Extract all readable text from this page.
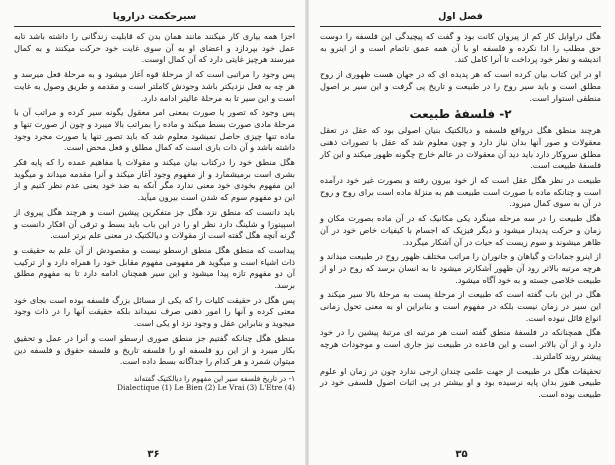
سیرحکمت دراروپا

اجزا همه بیاری کار میکنند مانند همان بدن که قابلیت زندگانی را داشته باشد تابه عمل خود بپردازد و اعضای او به آن سوی غایت خود حرکت میکنند و به کمال میرسند هرچیز غایتی دارد که آن کمال اوست.

پس وجود را مراتبی است که از مرحلهٔ قوه آغاز میشود و به مرحلهٔ فعل میرسد و هر چه به فعل نزدیکتر باشد وجودش کاملتر است و مقدمه و طریق وصول به غایت است و این سیر تا به مرحلهٔ عالیتر ادامه دارد.

پس وجود که تصور یا صورت بمعنی امر معقول یگونه سیر کرده و مراتب آن با مرحلهٔ مادی صورت بسط میکند و ماده را بمراتب بالا میبرد و چون از صورت تنها و ماده تنها چیزی حاصل نمیشود معلوم شد که باید تصور تنها یا صورت مجرد وجود داشته باشد و آن ذات باری است که کمال مطلق و فعل محض است.

هگل منطق خود را درکتاب بیان میکند و مقولات یا مفاهیم عمده را که پایه فکر بشری است برمیشمارد و از مفهوم وجود آغاز میکند و آنرا مقدمه میداند و میگوید این مفهوم بخودی خود معنی ندارد مگر آنکه به ضد خود یعنی عدم نظر کنیم و از این دو مفهوم سوم که شدن است بیرون میآید.

باید دانست که منطق نزد هگل جز متفکرین پیشین است و هرچند هگل پیروی از اسپینوزا و شلینگ دارد نظر او را در این باب باید بسط و ترقی آن افکار دانست و گرنه آنچه هگل گفته است از مقولات و دیالکتیک در معنی علم برتر است.

پیداست که منطق هگل منطق ارسطو نیست و مقصودش از آن علم به حقیقت و ذات اشیاء است و میگوید هر مفهومی مفهوم مقابل خود را همراه دارد و از ترکیب آن دو مفهوم تازه پیدا میشود و این سیر همچنان ادامه دارد تا به مفهوم مطلق برسد.

پس هگل در حقیقت کلیات را که یکی از مسائل بزرگ فلسفه بوده است بجای خود معنی کرده و آنها را امور ذهنی صرف نمیداند بلکه حقیقت آنها را در ذات وجود میجوید و بنابراین عقل و وجود نزد او یکی است.

منطق هگل چنانکه گفتیم جز منطق صوری ارسطو است و آنرا در عمل و تحقیق بکار میبرد و از این رو فلسفه او را فلسفه تاریخ و فلسفه حقوق و فلسفه دین میتوان شمرد و هر کدام را جداگانه بسط داده است.

۱- در تاریخ فلسفه سیر این مفهوم را دیالکتیک گفته‌اند

Dialectique (1) Le Bien (2) Le Vrai (3) L'Etre (4)

۳۶
فصل اول

هگل دراوایل کار کم از پیروان کانت بود و گفت که پیچیدگی این فلسفه را دوست حق مطلب را ادا نکرده و فلسفه او با آن همه عمق ناتمام است و از اینرو به اندیشه و نظر خود پرداخت تا آنرا کامل کند.

او در این کتاب بیان کرده است که هر پدیده ای که در جهان هست ظهوری از روح مطلق است و باید سیر روح را در طبیعت و تاریخ پی گرفت و این سیر بر اصول منطقی استوار است.

۲- فلسفهٔ طبیعت

هرچند منطق هگل درواقع فلسفه و دیالکتیک بنیان اصولی بود که عقل در تعقل معقولات و صور آنها بدان نیاز دارد و چون معلوم شد که عقل با تصورات ذهنی مطلق سروکار دارد باید دید آن معقولات در عالم خارج چگونه ظهور میکند و این کار فلسفهٔ طبیعت است.

طبیعت در نظر هگل عقل است که از خود بیرون رفته و بصورت غیر خود درآمده است و چنانکه ماده با صورت است طبیعت هم به منزلهٔ ماده است برای روح و روح در آن به سوی کمال میرود.

هگل طبیعت را در سه مرحله مینگرد یکی مکانیک که در آن ماده بصورت مکان و زمان و حرکت پدیدار میشود و دیگر فیزیک که اجسام با کیفیات خاص خود در آن ظاهر میشوند و سوم زیست که حیات در آن آشکار میگردد.

از اینرو جمادات و گیاهان و جانوران را مراتب مختلف ظهور روح در طبیعت میداند و هرچه مرتبه بالاتر رود آن ظهور آشکارتر میشود تا به انسان برسد که روح در او از طبیعت خلاصی جسته و به خود آگاه میشود.

هگل در این باب گفته است که طبیعت از مرحلهٔ پست به مرحلهٔ بالا سیر میکند و این سیر در زمان نیست بلکه در مفهوم است و بنابراین او به معنی تحول زمانی انواع قائل نبوده است.

هگل همچنانکه در فلسفهٔ منطق گفته است هر مرتبه ای مرتبهٔ پیشین را در خود دارد و از آن بالاتر است و این قاعده در طبیعت نیز جاری است و موجودات هرچه پیشتر روند کاملترند.

تحقیقات هگل در طبیعت از جهت علمی چندان ارجی ندارد چون در زمان او علوم طبیعی هنوز بدان پایه نرسیده بود و او بیشتر در پی اثبات اصول فلسفی خود در طبیعت بوده است.

۳۵
